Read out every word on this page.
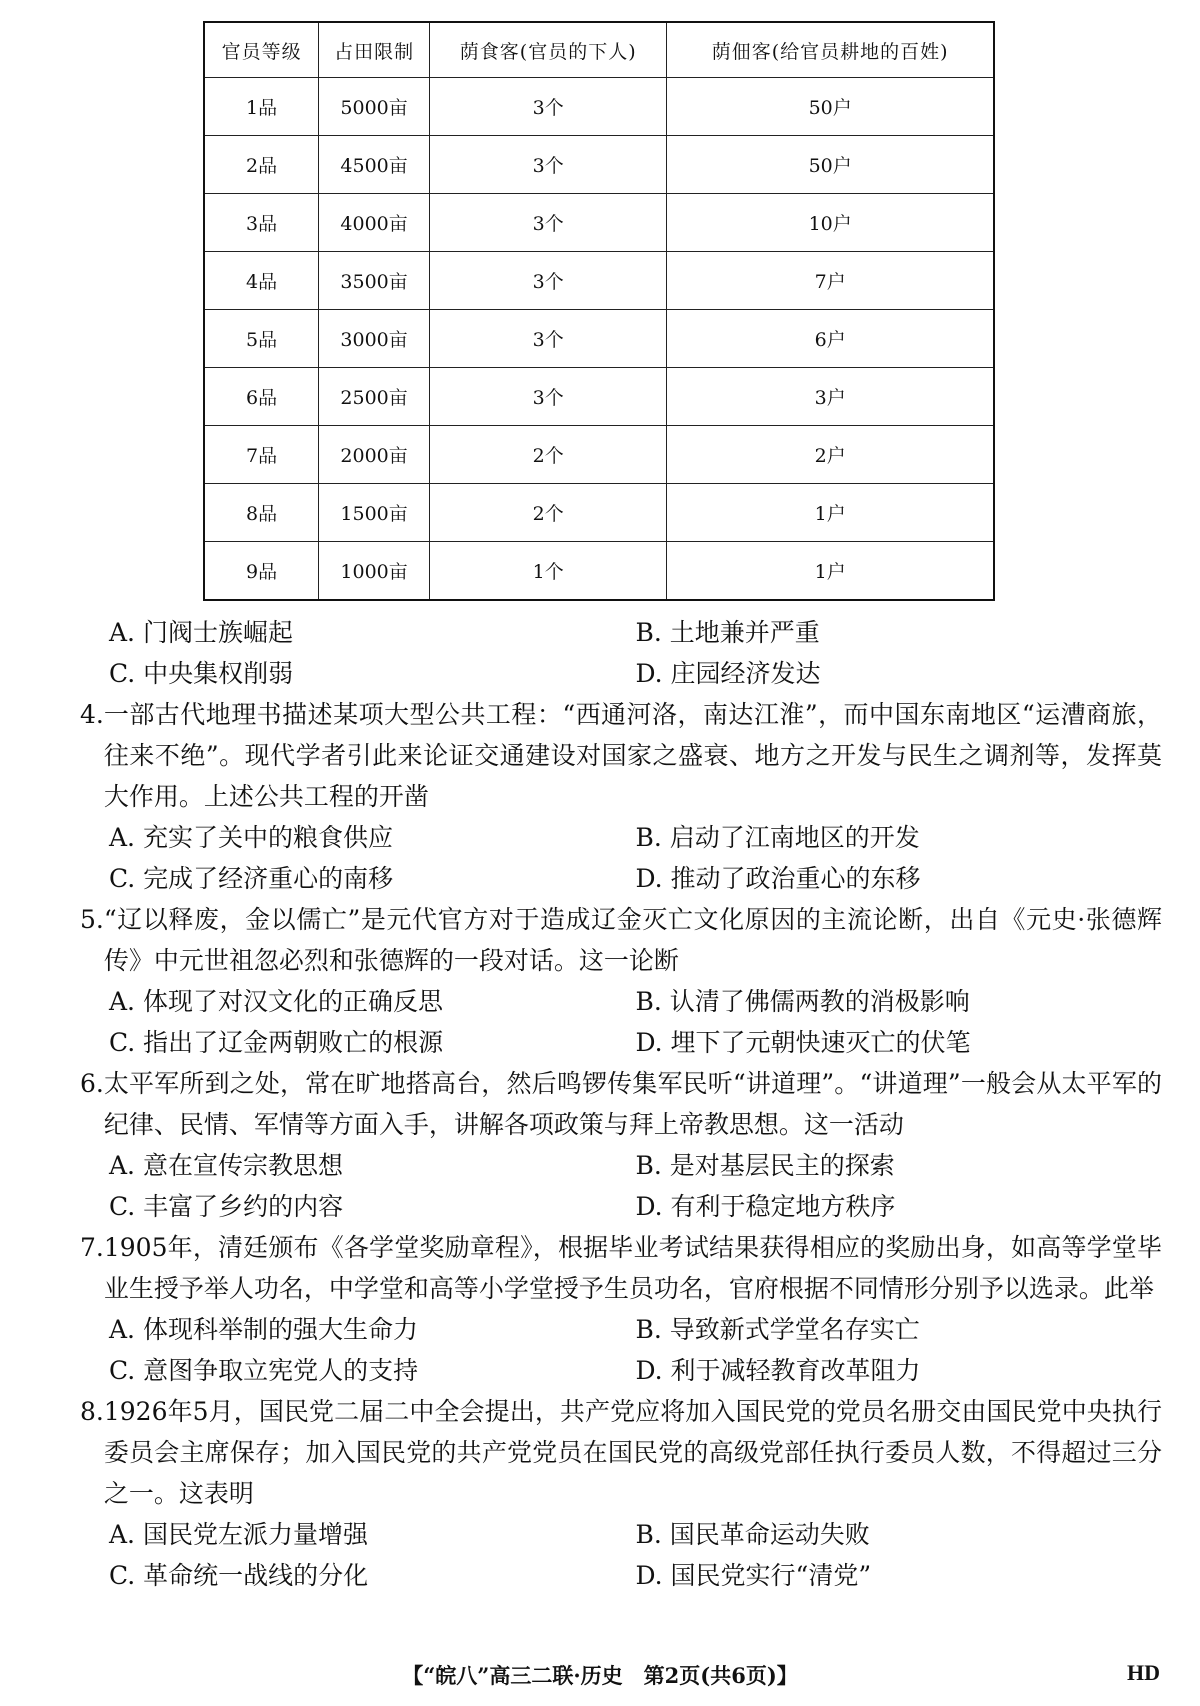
官员等级	占田限制	荫食客(官员的下人)	荫佃客(给官员耕地的百姓)
1品	5000亩	3个	50户
2品	4500亩	3个	50户
3品	4000亩	3个	10户
4品	3500亩	3个	7户
5品	3000亩	3个	6户
6品	2500亩	3个	3户
7品	2000亩	2个	2户
8品	1500亩	2个	1户
9品	1000亩	1个	1户
A. 门阀士族崛起	B. 土地兼并严重
C. 中央集权削弱	D. 庄园经济发达
4. 一部古代地理书描述某项大型公共工程：“西通河洛，南达江淮”，而中国东南地区“运漕商旅，往来不绝”。现代学者引此来论证交通建设对国家之盛衰、地方之开发与民生之调剂等，发挥莫大作用。上述公共工程的开凿
A. 充实了关中的粮食供应	B. 启动了江南地区的开发
C. 完成了经济重心的南移	D. 推动了政治重心的东移
5. “辽以释废，金以儒亡”是元代官方对于造成辽金灭亡文化原因的主流论断，出自《元史·张德辉传》中元世祖忽必烈和张德辉的一段对话。这一论断
A. 体现了对汉文化的正确反思	B. 认清了佛儒两教的消极影响
C. 指出了辽金两朝败亡的根源	D. 埋下了元朝快速灭亡的伏笔
6. 太平军所到之处，常在旷地搭高台，然后鸣锣传集军民听“讲道理”。“讲道理”一般会从太平军的纪律、民情、军情等方面入手，讲解各项政策与拜上帝教思想。这一活动
A. 意在宣传宗教思想	B. 是对基层民主的探索
C. 丰富了乡约的内容	D. 有利于稳定地方秩序
7. 1905年，清廷颁布《各学堂奖励章程》，根据毕业考试结果获得相应的奖励出身，如高等学堂毕业生授予举人功名，中学堂和高等小学堂授予生员功名，官府根据不同情形分别予以选录。此举
A. 体现科举制的强大生命力	B. 导致新式学堂名存实亡
C. 意图争取立宪党人的支持	D. 利于减轻教育改革阻力
8. 1926年5月，国民党二届二中全会提出，共产党应将加入国民党的党员名册交由国民党中央执行委员会主席保存；加入国民党的共产党党员在国民党的高级党部任执行委员人数，不得超过三分之一。这表明
A. 国民党左派力量增强	B. 国民革命运动失败
C. 革命统一战线的分化	D. 国民党实行“清党”
【“皖八”高三二联·历史　第2页(共6页)】	HD
